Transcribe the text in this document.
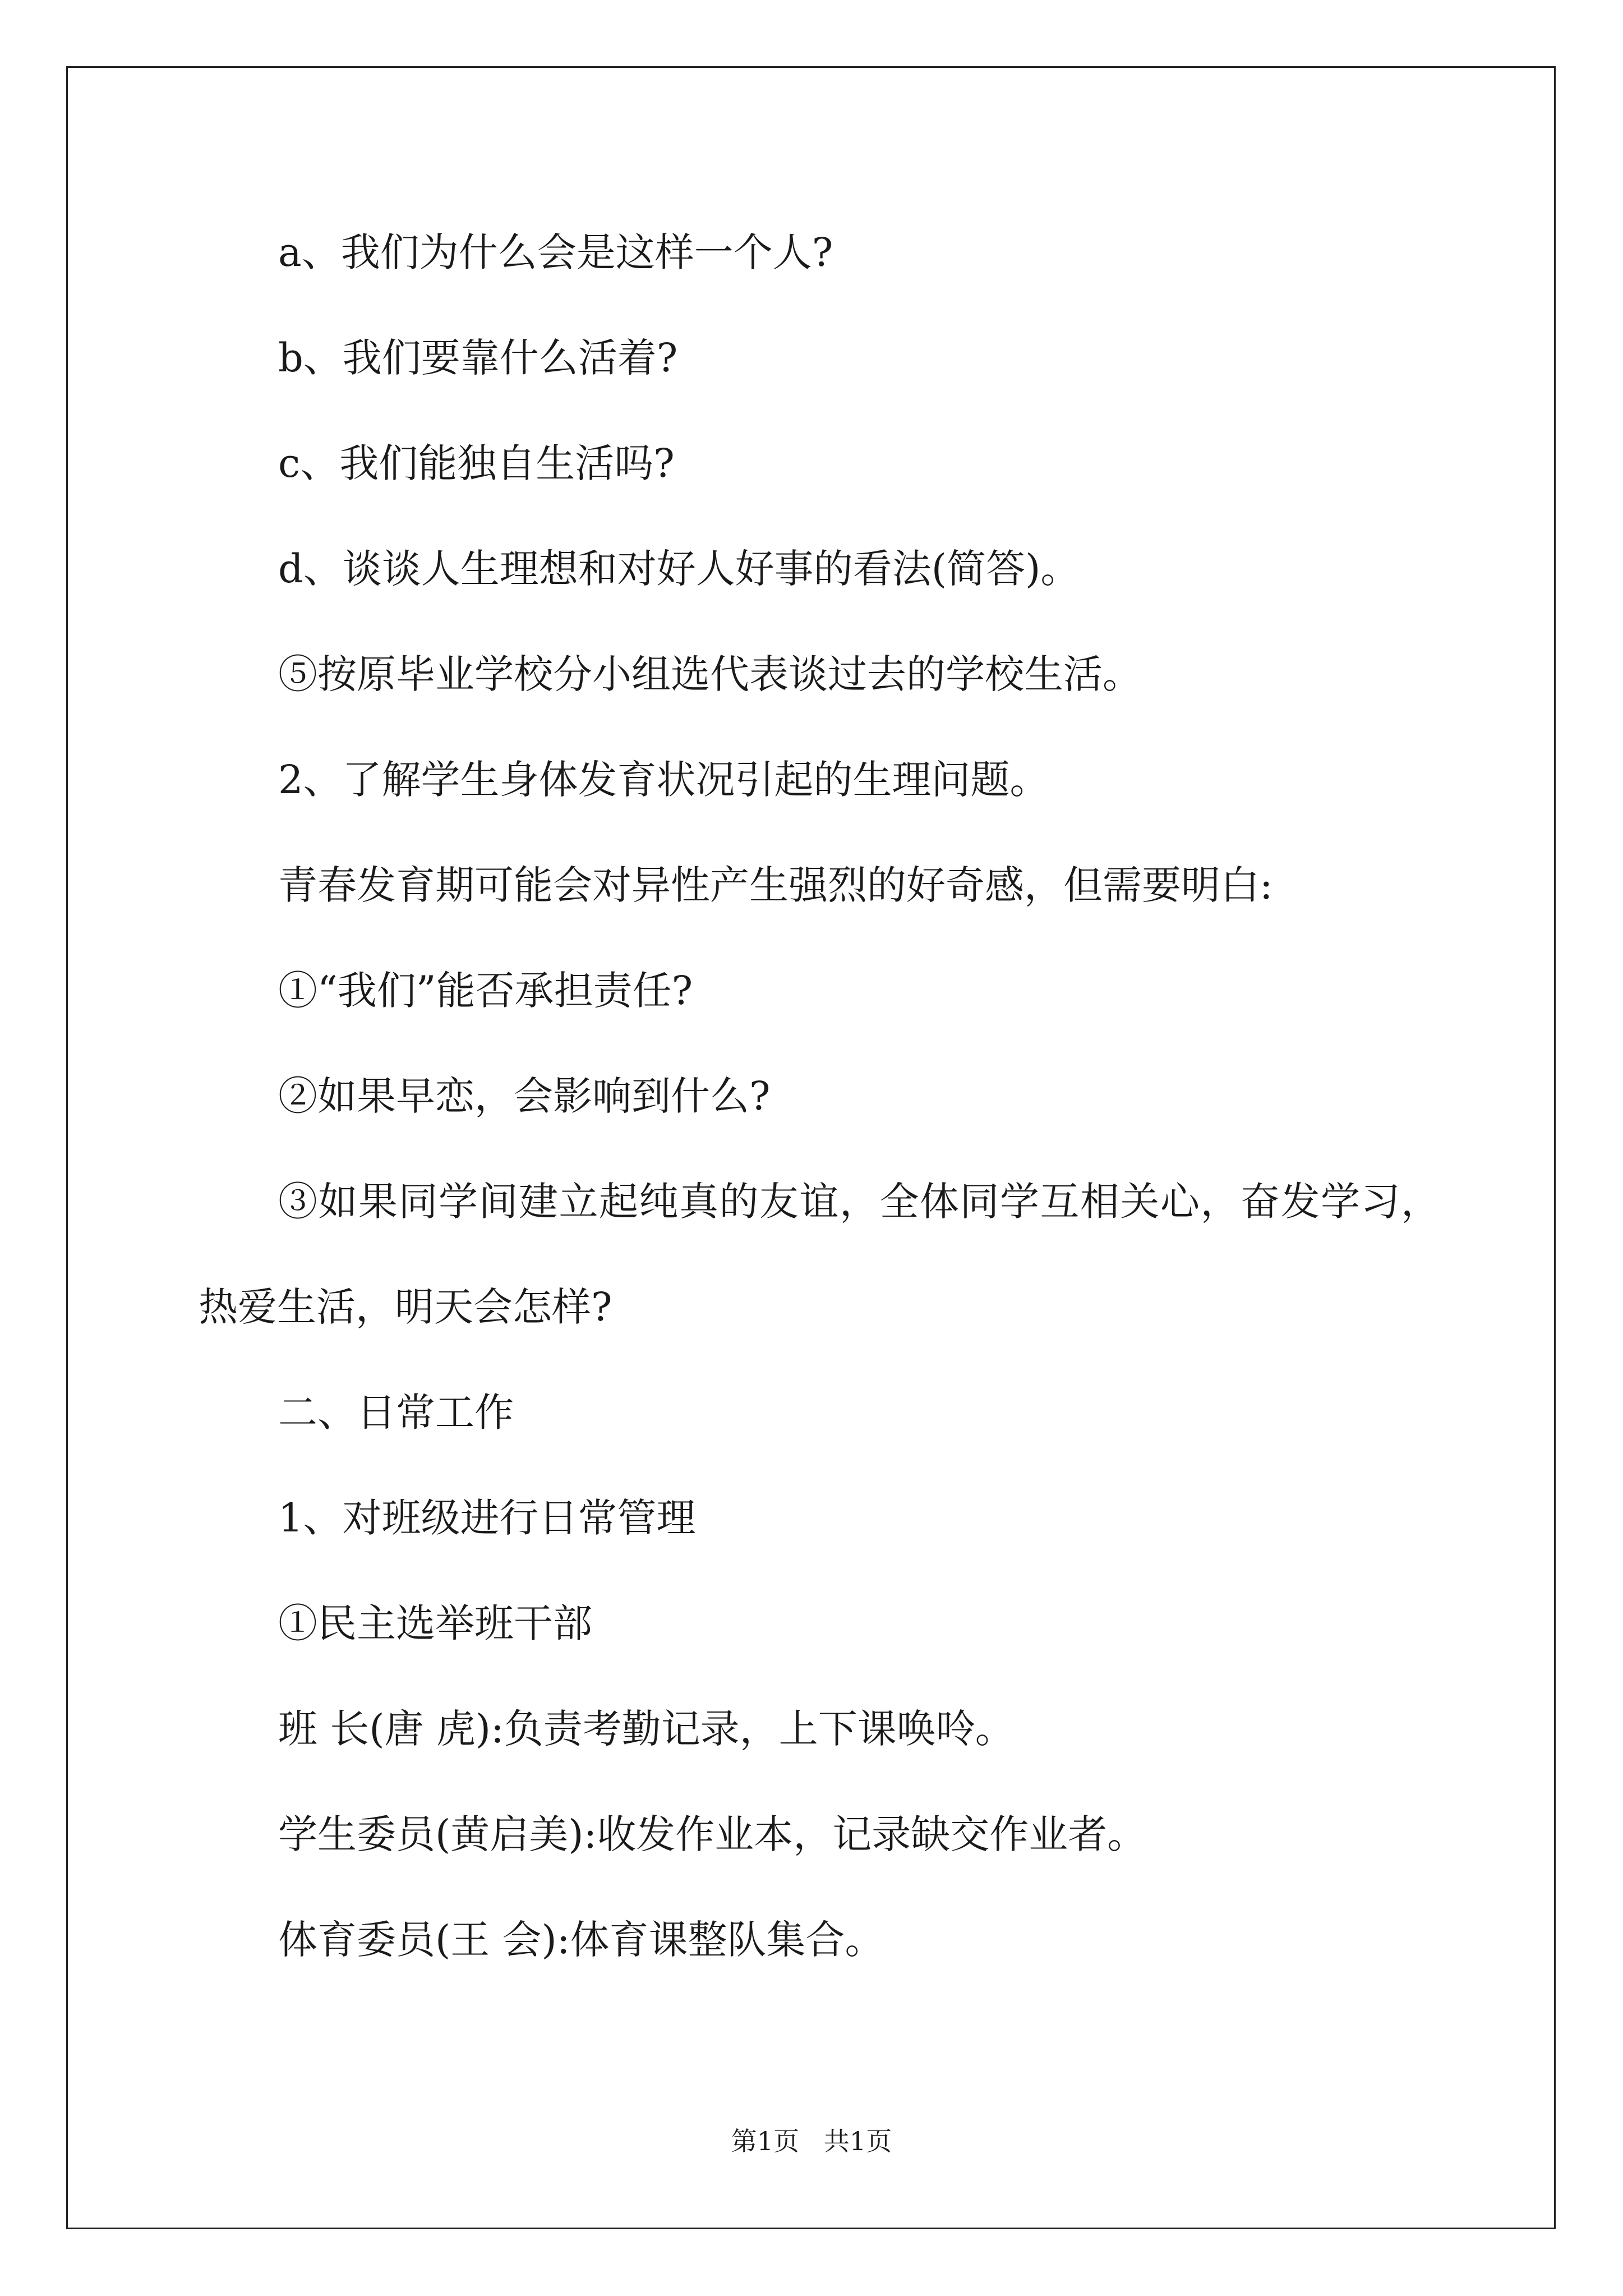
a、我们为什么会是这样一个人?
b、我们要靠什么活着?
c、我们能独自生活吗?
d、谈谈人生理想和对好人好事的看法(简答)。
⑤按原毕业学校分小组选代表谈过去的学校生活。
2、了解学生身体发育状况引起的生理问题。
青春发育期可能会对异性产生强烈的好奇感，但需要明白:
①“我们”能否承担责任?
②如果早恋，会影响到什么?
③如果同学间建立起纯真的友谊，全体同学互相关心，奋发学习，
热爱生活，明天会怎样?
二、日常工作
1、对班级进行日常管理
①民主选举班干部
班 长(唐 虎):负责考勤记录，上下课唤呤。
学生委员(黄启美):收发作业本，记录缺交作业者。
体育委员(王 会):体育课整队集合。
第1页   共1页
